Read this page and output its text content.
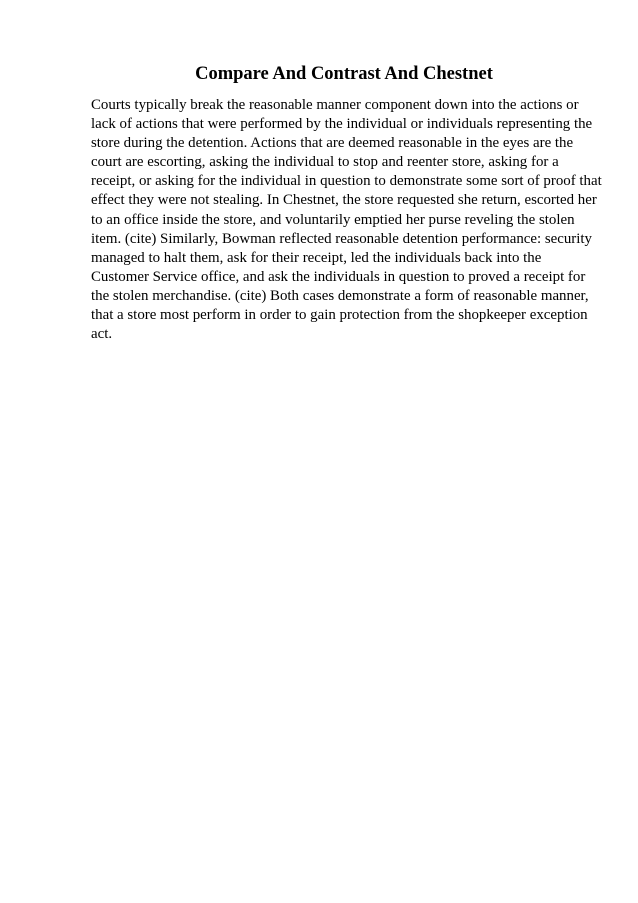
Compare And Contrast And Chestnet

Courts typically break the reasonable manner component down into the actions or
lack of actions that were performed by the individual or individuals representing the
store during the detention. Actions that are deemed reasonable in the eyes are the
court are escorting, asking the individual to stop and reenter store, asking for a
receipt, or asking for the individual in question to demonstrate some sort of proof that
effect they were not stealing. In Chestnet, the store requested she return, escorted her
to an office inside the store, and voluntarily emptied her purse reveling the stolen
item. (cite) Similarly, Bowman reflected reasonable detention performance: security
managed to halt them, ask for their receipt, led the individuals back into the
Customer Service office, and ask the individuals in question to proved a receipt for
the stolen merchandise. (cite) Both cases demonstrate a form of reasonable manner,
that a store most perform in order to gain protection from the shopkeeper exception
act.
